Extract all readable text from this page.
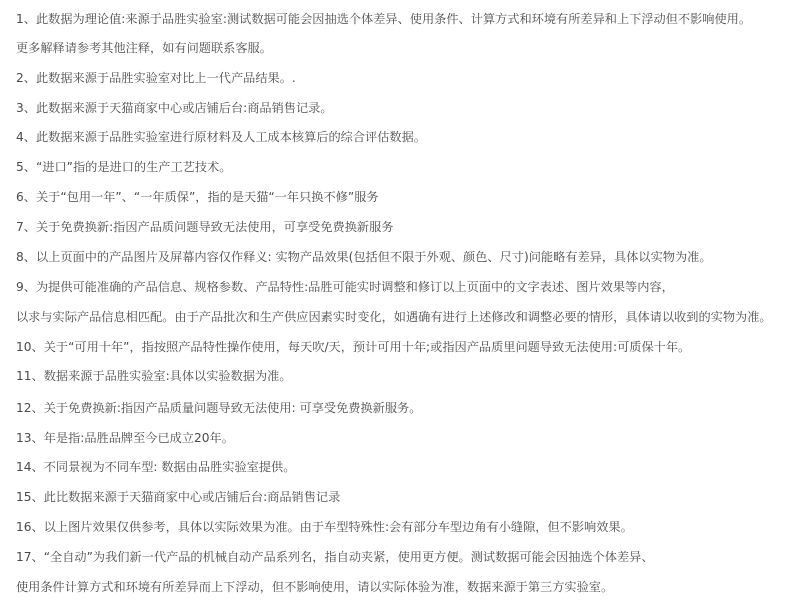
1、此数据为理论值:来源于品胜实验室:测试数据可能会因抽选个体差异、使用条件、计算方式和环境有所差异和上下浮动但不影响使用。
更多解释请参考其他注释，如有问题联系客服。
2、此数据来源于品胜实验室对比上一代产品结果。.
3、此数据来源于天猫商家中心或店铺后台:商品销售记录。
4、此数据来源于品胜实验室进行原材料及人工成本核算后的综合评估数据。
5、“进口”指的是进口的生产工艺技术。
6、关于“包用一年”、“一年质保”，指的是天猫“一年只换不修”服务
7、关于免费换新:指因产品质问题导致无法使用，可享受免费换新服务
8、以上页面中的产品图片及屏幕内容仅作释义: 实物产品效果(包括但不限于外观、颜色、尺寸)问能略有差异，具体以实物为准。
9、为提供可能准确的产品信息、规格参数、产品特性:品胜可能实时调整和修订以上页面中的文字表述、图片效果等内容，
以求与实际产品信息相匹配。由于产品批次和生产供应因素实时变化，如遇确有进行上述修改和调整必要的情形，具体请以收到的实物为准。
10、关于“可用十年”，指按照产品特性操作使用，每天吹/天，预计可用十年;或指因产品质里问题导致无法使用:可质保十年。
11、数据来源于品胜实验室:具体以实验数据为准。
12、关于免费换新:指因产品质量问题导致无法使用: 可享受免费换新服务。
13、年是指:品胜品牌至今已成立20年。
14、不同景视为不同车型: 数据由品胜实验室提供。
15、此比数据来源于天猫商家中心或店铺后台:商品销售记录
16、以上图片效果仅供参考，具体以实际效果为准。由于车型特殊性:会有部分车型边角有小缝隙，但不影响效果。
17、“全自动”为我们新一代产品的机械自动产品系列名，指自动夹紧，使用更方便。测试数据可能会因抽选个体差异、
使用条件计算方式和环境有所差异而上下浮动，但不影响使用，请以实际体验为准，数据来源于第三方实验室。
